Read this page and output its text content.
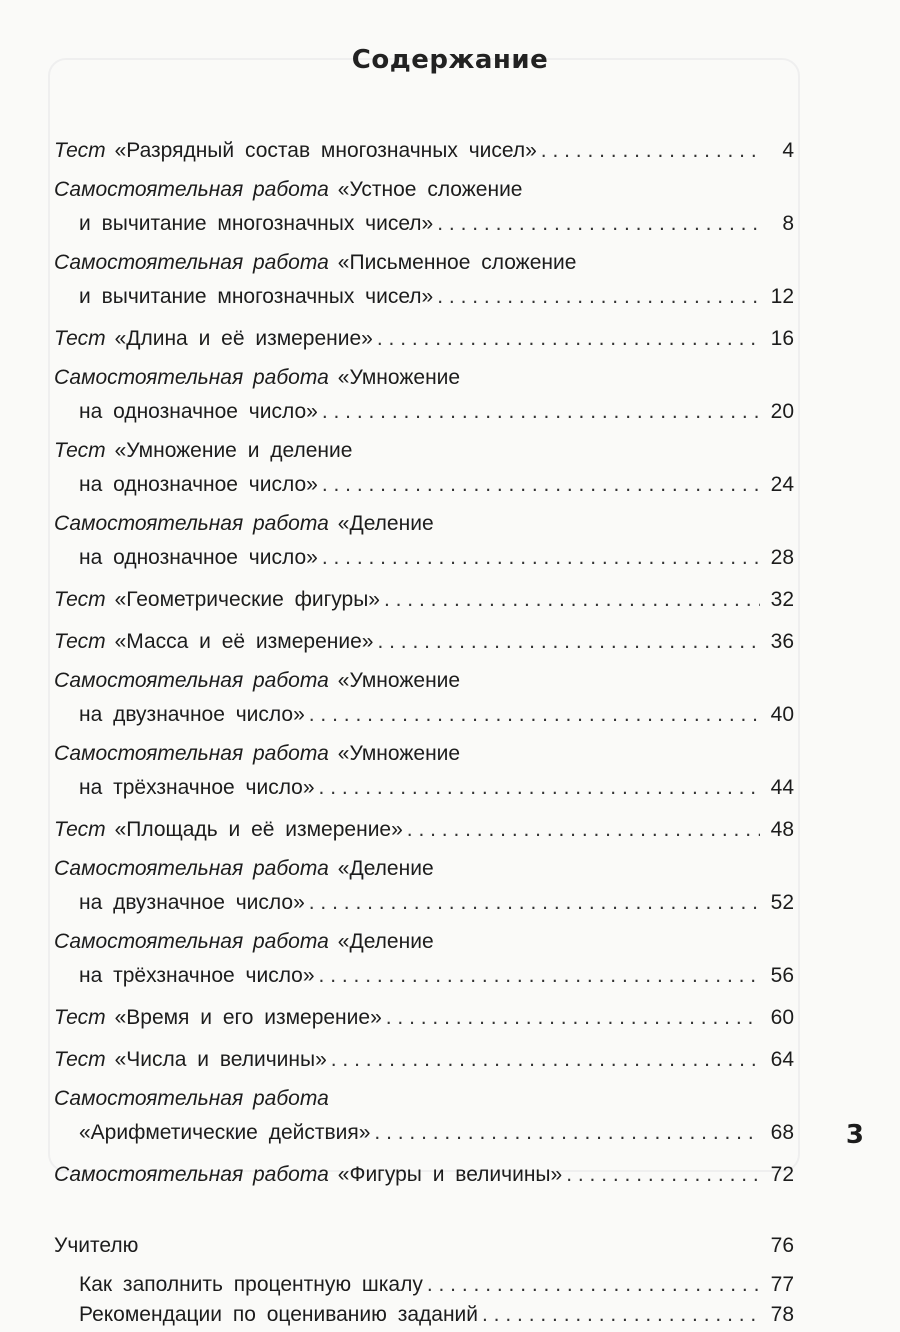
Содержание
Тест «Разрядный состав многозначных чисел» . . .	4
Самостоятельная работа «Устное сложение
и вычитание многозначных чисел» . . .	8
Самостоятельная работа «Письменное сложение
и вычитание многозначных чисел» . . .	12
Тест «Длина и её измерение» . . .	16
Самостоятельная работа «Умножение
на однозначное число» . . .	20
Тест «Умножение и деление
на однозначное число» . . .	24
Самостоятельная работа «Деление
на однозначное число» . . .	28
Тест «Геометрические фигуры» . . .	32
Тест «Масса и её измерение» . . .	36
Самостоятельная работа «Умножение
на двузначное число» . . .	40
Самостоятельная работа «Умножение
на трёхзначное число» . . .	44
Тест «Площадь и её измерение» . . .	48
Самостоятельная работа «Деление
на двузначное число» . . .	52
Самостоятельная работа «Деление
на трёхзначное число» . . .	56
Тест «Время и его измерение» . . .	60
Тест «Числа и величины» . . .	64
Самостоятельная работа
«Арифметические действия» . . .	68
Самостоятельная работа «Фигуры и величины» . . .	72
Учителю	76
Как заполнить процентную шкалу . . .	77
Рекомендации по оцениванию заданий . . .	78
3
